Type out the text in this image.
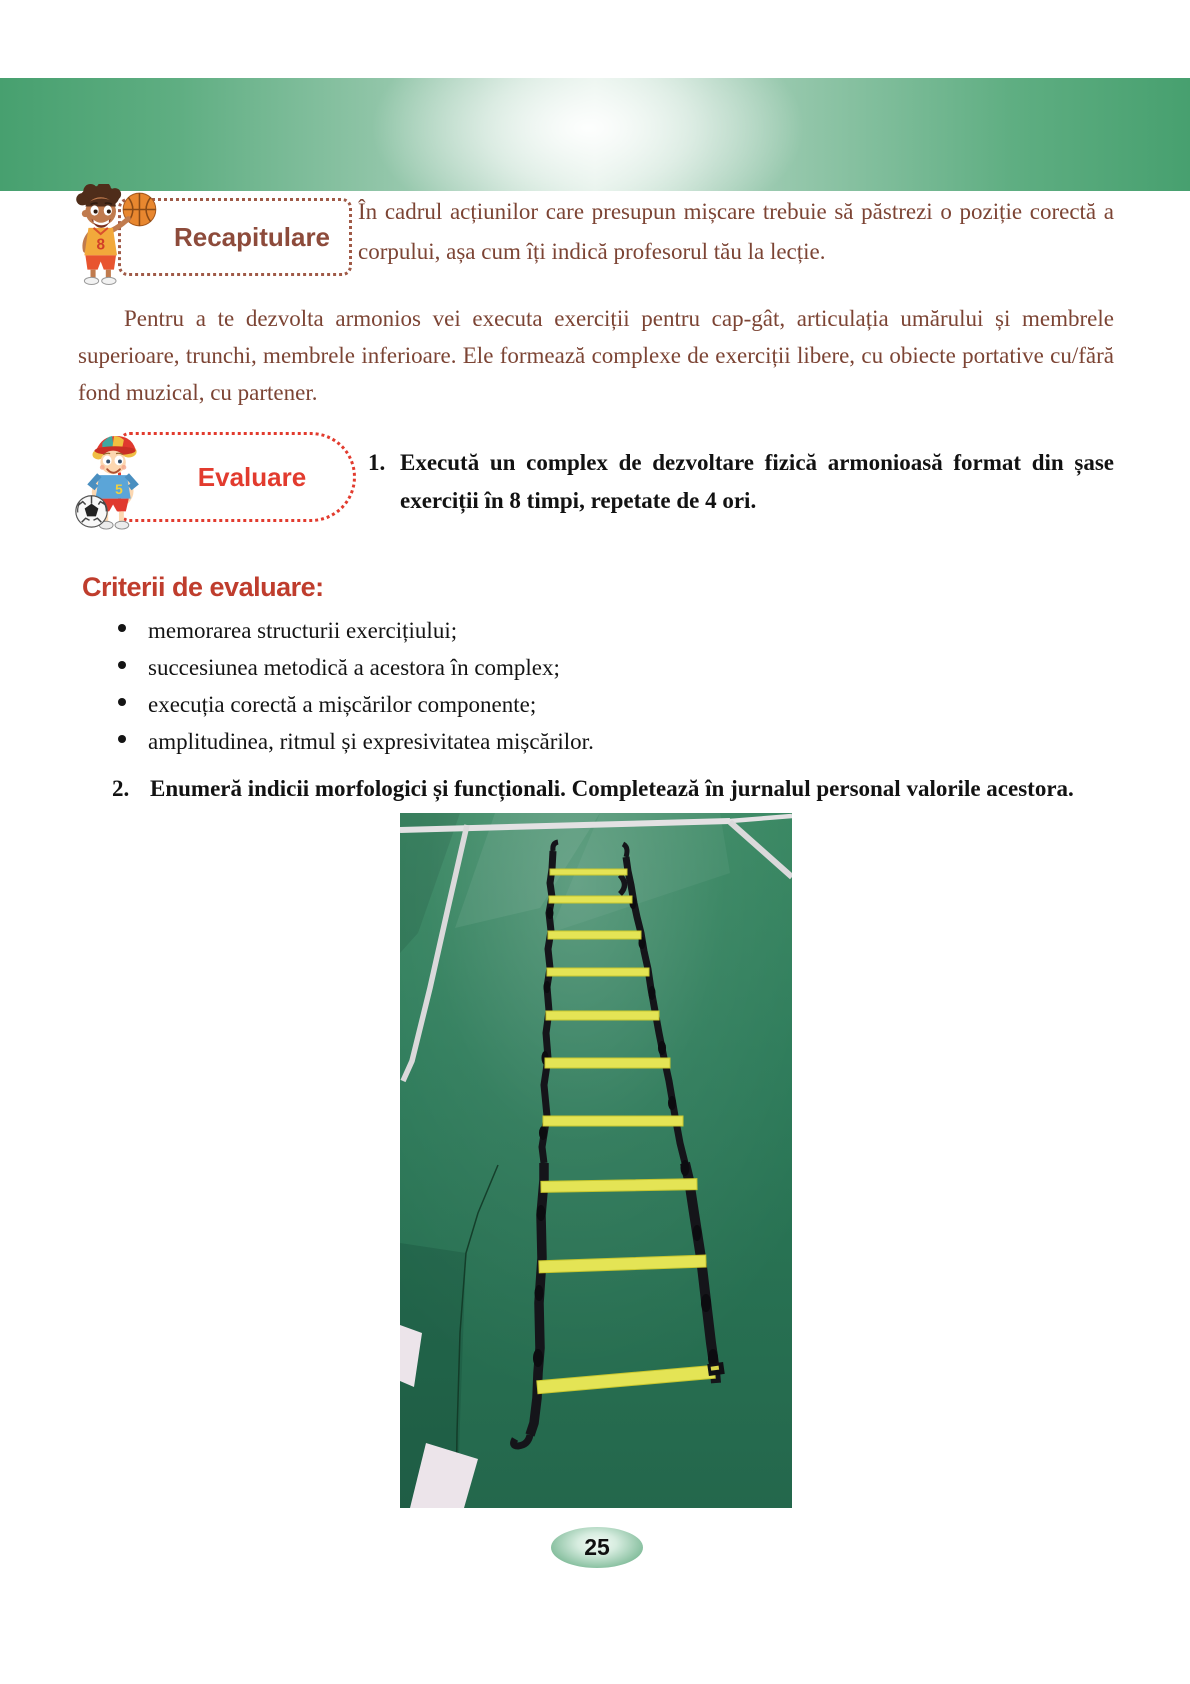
Recapitulare
8
În cadrul acțiunilor care presupun mișcare trebuie să păstrezi o poziție corectă a corpului, așa cum îți indică profesorul tău la lecție.
Pentru a te dezvolta armonios vei executa exerciții pentru cap-gât, articulația umărului și membrele superioare, trunchi, membrele inferioare. Ele formează complexe de exerciții libere, cu obiecte portative cu/fără fond muzical, cu partener.
Evaluare
5
1. Execută un complex de dezvoltare fizică armonioasă format din șase exerciții în 8 timpi, repetate de 4 ori.
Criterii de evaluare:
memorarea structurii exercițiului;
succesiunea metodică a acestora în complex;
execuția corectă a mișcărilor componente;
amplitudinea, ritmul și expresivitatea mișcărilor.
2. Enumeră indicii morfologici și funcționali. Completează în jurnalul personal valorile acestora.
25
